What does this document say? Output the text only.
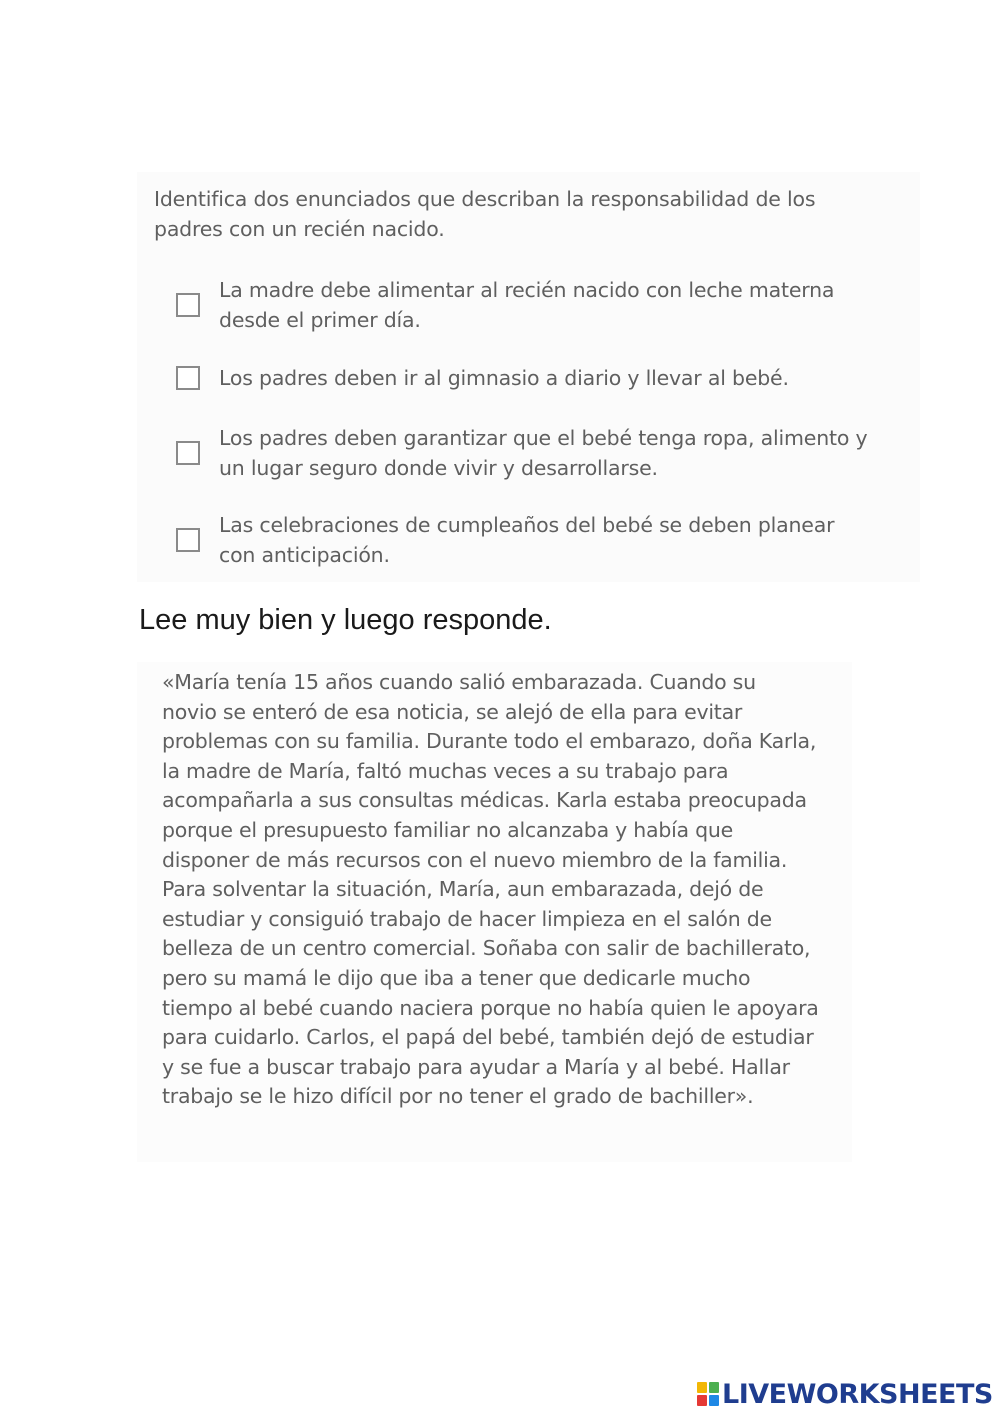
Identifica dos enunciados que describan la responsabilidad de los
padres con un recién nacido.
La madre debe alimentar al recién nacido con leche materna
desde el primer día.
Los padres deben ir al gimnasio a diario y llevar al bebé.
Los padres deben garantizar que el bebé tenga ropa, alimento y
un lugar seguro donde vivir y desarrollarse.
Las celebraciones de cumpleaños del bebé se deben planear
con anticipación.
Lee muy bien y luego responde.
«María tenía 15 años cuando salió embarazada. Cuando su
novio se enteró de esa noticia, se alejó de ella para evitar
problemas con su familia. Durante todo el embarazo, doña Karla,
la madre de María, faltó muchas veces a su trabajo para
acompañarla a sus consultas médicas. Karla estaba preocupada
porque el presupuesto familiar no alcanzaba y había que
disponer de más recursos con el nuevo miembro de la familia.
Para solventar la situación, María, aun embarazada, dejó de
estudiar y consiguió trabajo de hacer limpieza en el salón de
belleza de un centro comercial. Soñaba con salir de bachillerato,
pero su mamá le dijo que iba a tener que dedicarle mucho
tiempo al bebé cuando naciera porque no había quien le apoyara
para cuidarlo. Carlos, el papá del bebé, también dejó de estudiar
y se fue a buscar trabajo para ayudar a María y al bebé. Hallar
trabajo se le hizo difícil por no tener el grado de bachiller».
LIVEWORKSHEETS
